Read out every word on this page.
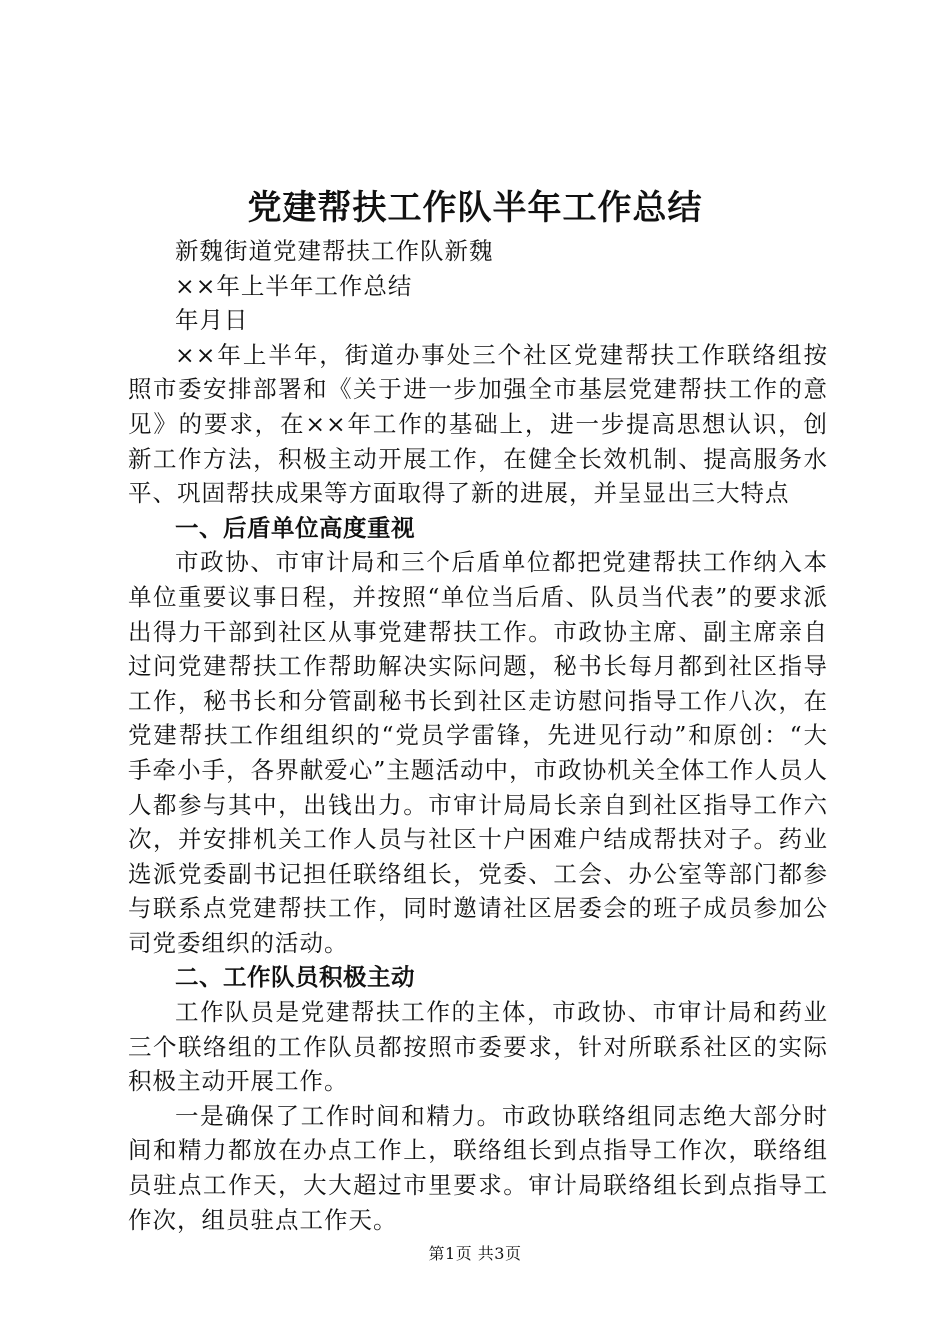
党建帮扶工作队半年工作总结

新魏街道党建帮扶工作队新魏

××年上半年工作总结

年月日

××年上半年，街道办事处三个社区党建帮扶工作联络组按照市委安排部署和《关于进一步加强全市基层党建帮扶工作的意见》的要求，在××年工作的基础上，进一步提高思想认识，创新工作方法，积极主动开展工作，在健全长效机制、提高服务水平、巩固帮扶成果等方面取得了新的进展，并呈显出三大特点

一、后盾单位高度重视

市政协、市审计局和三个后盾单位都把党建帮扶工作纳入本单位重要议事日程，并按照“单位当后盾、队员当代表”的要求派出得力干部到社区从事党建帮扶工作。市政协主席、副主席亲自过问党建帮扶工作帮助解决实际问题，秘书长每月都到社区指导工作，秘书长和分管副秘书长到社区走访慰问指导工作八次，在党建帮扶工作组组织的“党员学雷锋，先进见行动”和原创：“大手牵小手，各界献爱心”主题活动中，市政协机关全体工作人员人人都参与其中，出钱出力。市审计局局长亲自到社区指导工作六次，并安排机关工作人员与社区十户困难户结成帮扶对子。药业选派党委副书记担任联络组长，党委、工会、办公室等部门都参与联系点党建帮扶工作，同时邀请社区居委会的班子成员参加公司党委组织的活动。

二、工作队员积极主动

工作队员是党建帮扶工作的主体，市政协、市审计局和药业三个联络组的工作队员都按照市委要求，针对所联系社区的实际积极主动开展工作。

一是确保了工作时间和精力。市政协联络组同志绝大部分时间和精力都放在办点工作上，联络组长到点指导工作次，联络组员驻点工作天，大大超过市里要求。审计局联络组长到点指导工作次，组员驻点工作天。

第1页 共3页
